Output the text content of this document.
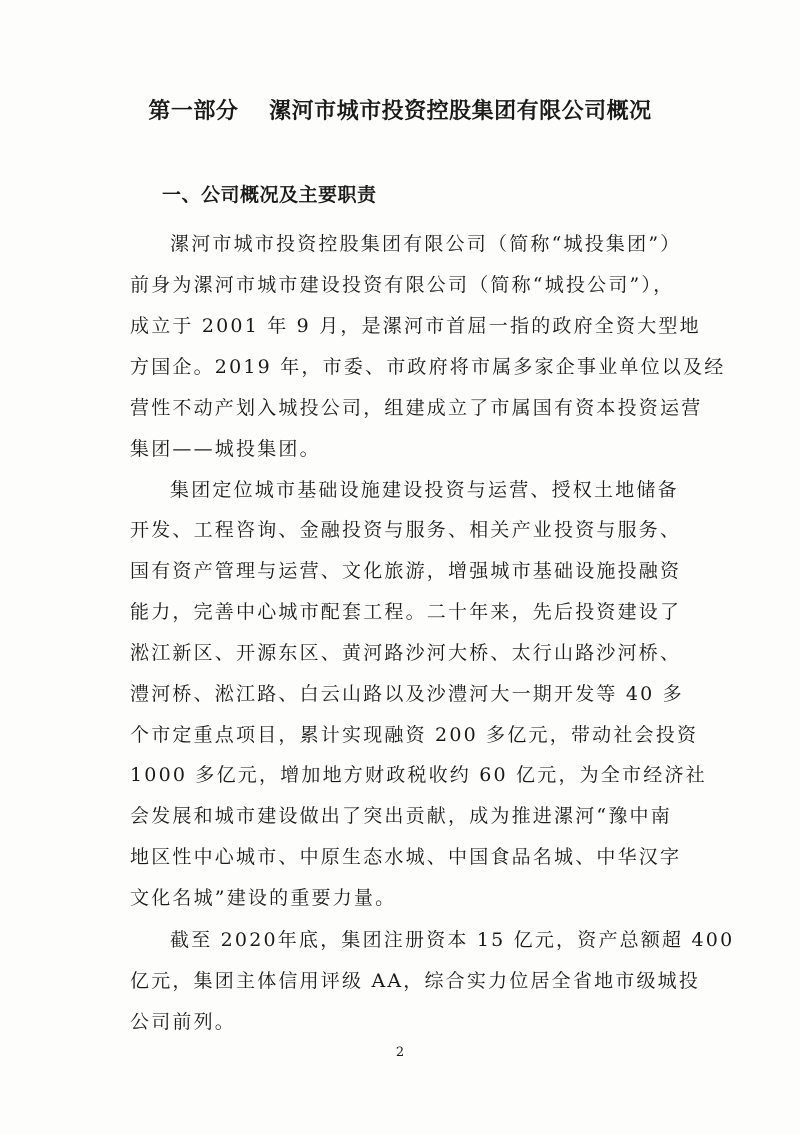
第一部分　 漯河市城市投资控股集团有限公司概况
一、公司概况及主要职责
漯河市城市投资控股集团有限公司（简称“城投集团”）
前身为漯河市城市建设投资有限公司（简称“城投公司”），
成立于 2001 年 9 月，是漯河市首屈一指的政府全资大型地
方国企。2019 年，市委、市政府将市属多家企事业单位以及经
营性不动产划入城投公司，组建成立了市属国有资本投资运营
集团——城投集团。
集团定位城市基础设施建设投资与运营、授权土地储备
开发、工程咨询、金融投资与服务、相关产业投资与服务、
国有资产管理与运营、文化旅游，增强城市基础设施投融资
能力，完善中心城市配套工程。二十年来，先后投资建设了
淞江新区、开源东区、黄河路沙河大桥、太行山路沙河桥、
澧河桥、淞江路、白云山路以及沙澧河大一期开发等 40 多
个市定重点项目，累计实现融资 200 多亿元，带动社会投资
1000 多亿元，增加地方财政税收约 60 亿元，为全市经济社
会发展和城市建设做出了突出贡献，成为推进漯河“豫中南
地区性中心城市、中原生态水城、中国食品名城、中华汉字
文化名城”建设的重要力量。
截至 2020年底，集团注册资本 15 亿元，资产总额超 400
亿元，集团主体信用评级 AA，综合实力位居全省地市级城投
公司前列。
2
